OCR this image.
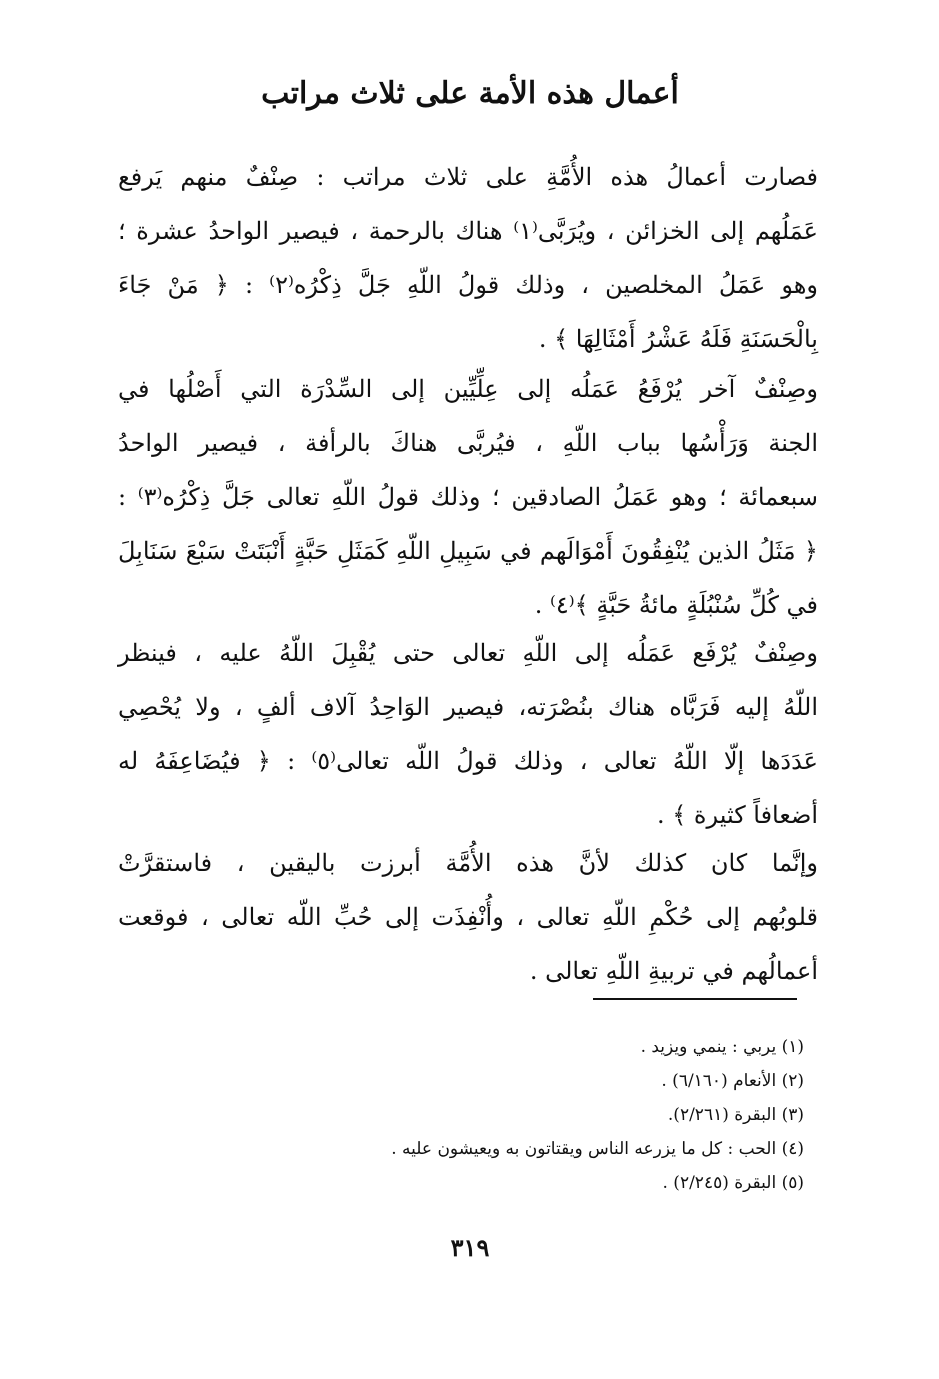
أعمال هذه الأمة على ثلاث مراتب
فصارت أعمالُ هذه الأُمَّةِ على ثلاث مراتب : صِنْفٌ منهم يَرفع
عَمَلُهم إلى الخزائن ، ويُرَبَّى⁽١⁾ هناك بالرحمة ، فيصير الواحدُ عشرة ؛
وهو عَمَلُ المخلصين ، وذلك قولُ اللّهِ جَلَّ ذِكْرُه⁽٢⁾ : ﴿ مَنْ جَاءَ
بِالْحَسَنَةِ فَلَهُ عَشْرُ أَمْثَالِهَا ﴾ .
وصِنْفٌ آخر يُرْفَعُ عَمَلُه إلى عِلِّيِّين إلى السِّدْرَة التي أَصْلُها في
الجنة وَرَأْسُها بباب اللّهِ ، فيُربَّى هناكَ بالرأفة ، فيصير الواحدُ
سبعمائة ؛ وهو عَمَلُ الصادقين ؛ وذلك قولُ اللّهِ تعالى جَلَّ ذِكْرُه⁽٣⁾ :
﴿ مَثَلُ الذين يُنْفِقُونَ أَمْوَالَهم في سَبِيلِ اللّهِ كَمَثَلِ حَبَّةٍ أَنْبَتَتْ سَبْعَ سَنَابِلَ
في كُلِّ سُنْبُلَةٍ مائةُ حَبَّةٍ ﴾⁽٤⁾ .
وصِنْفٌ يُرْفَع عَمَلُه إلى اللّهِ تعالى حتى يُقْبِلَ اللّهُ عليه ، فينظر
اللّهُ إليه فَرَبَّاه هناك بنُصْرَته، فيصير الوَاحِدُ آلاف ألفٍ ، ولا يُحْصِي
عَدَدَها إلّا اللّهُ تعالى ، وذلك قولُ اللّه تعالى⁽٥⁾ : ﴿ فيُضَاعِفَهُ له
أضعافاً كثيرة ﴾ .
وإنَّما كان كذلك لأنَّ هذه الأُمَّة أبرزت باليقين ، فاستقرَّتْ
قلوبُهم إلى حُكْمِ اللّهِ تعالى ، وأُنْفِذَت إلى حُبِّ اللّه تعالى ، فوقعت
أعمالُهم في تربيةِ اللّهِ تعالى .
(١) يربي : ينمي ويزيد .
(٢) الأنعام (٦/١٦٠) .
(٣) البقرة (٢/٢٦١).
(٤) الحب : كل ما يزرعه الناس ويقتاتون به ويعيشون عليه .
(٥) البقرة (٢/٢٤٥) .
٣١٩
